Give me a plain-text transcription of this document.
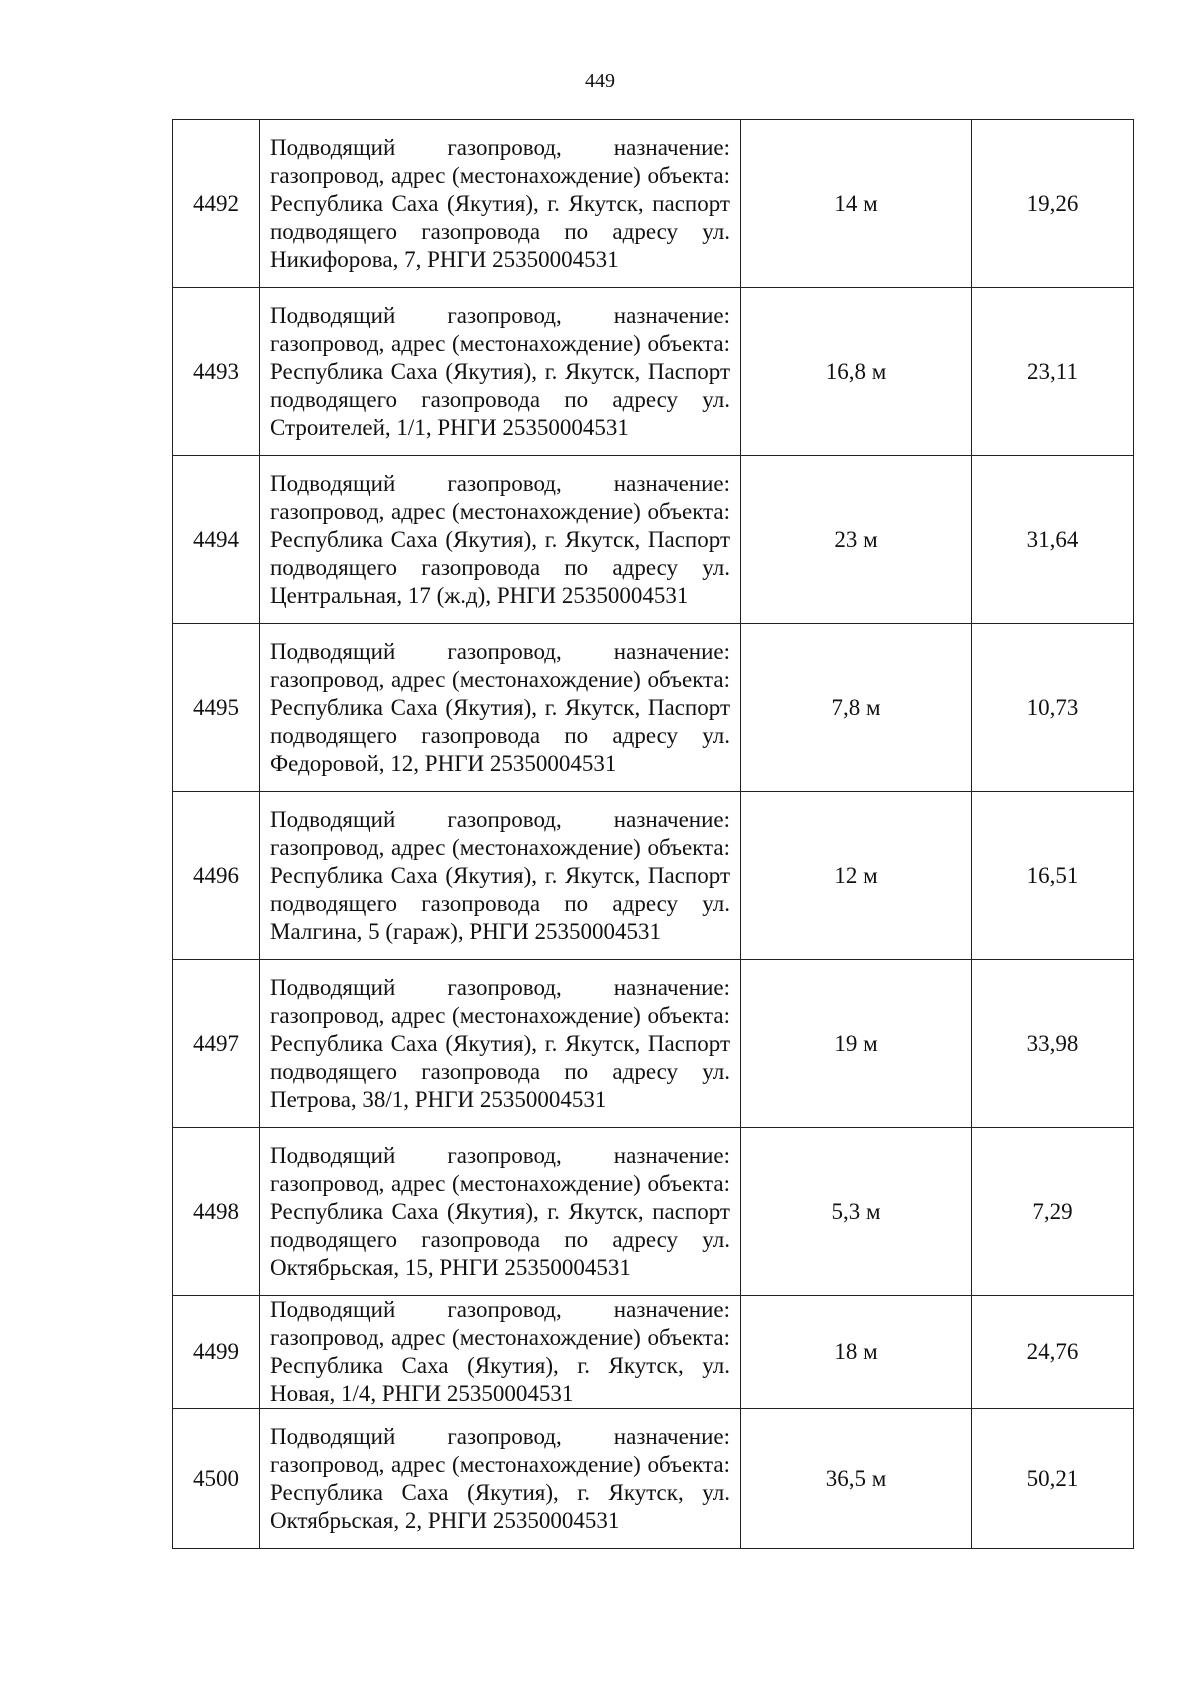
449
4492	Подводящий газопровод, назначение: газопровод, адрес (местонахождение) объекта: Республика Саха (Якутия), г. Якутск, паспорт подводящего газопровода по адресу ул. Никифорова, 7, РНГИ 25350004531	14 м	19,26
4493	Подводящий газопровод, назначение: газопровод, адрес (местонахождение) объекта: Республика Саха (Якутия), г. Якутск, Паспорт подводящего газопровода по адресу ул. Строителей, 1/1, РНГИ 25350004531	16,8 м	23,11
4494	Подводящий газопровод, назначение: газопровод, адрес (местонахождение) объекта: Республика Саха (Якутия), г. Якутск, Паспорт подводящего газопровода по адресу ул. Центральная, 17 (ж.д), РНГИ 25350004531	23 м	31,64
4495	Подводящий газопровод, назначение: газопровод, адрес (местонахождение) объекта: Республика Саха (Якутия), г. Якутск, Паспорт подводящего газопровода по адресу ул. Федоровой, 12, РНГИ 25350004531	7,8 м	10,73
4496	Подводящий газопровод, назначение: газопровод, адрес (местонахождение) объекта: Республика Саха (Якутия), г. Якутск, Паспорт подводящего газопровода по адресу ул. Малгина, 5 (гараж), РНГИ 25350004531	12 м	16,51
4497	Подводящий газопровод, назначение: газопровод, адрес (местонахождение) объекта: Республика Саха (Якутия), г. Якутск, Паспорт подводящего газопровода по адресу ул. Петрова, 38/1, РНГИ 25350004531	19 м	33,98
4498	Подводящий газопровод, назначение: газопровод, адрес (местонахождение) объекта: Республика Саха (Якутия), г. Якутск, паспорт подводящего газопровода по адресу ул. Октябрьская, 15, РНГИ 25350004531	5,3 м	7,29
4499	Подводящий газопровод, назначение: газопровод, адрес (местонахождение) объекта: Республика Саха (Якутия), г. Якутск, ул. Новая, 1/4, РНГИ 25350004531	18 м	24,76
4500	Подводящий газопровод, назначение: газопровод, адрес (местонахождение) объекта: Республика Саха (Якутия), г. Якутск, ул. Октябрьская, 2, РНГИ 25350004531	36,5 м	50,21
